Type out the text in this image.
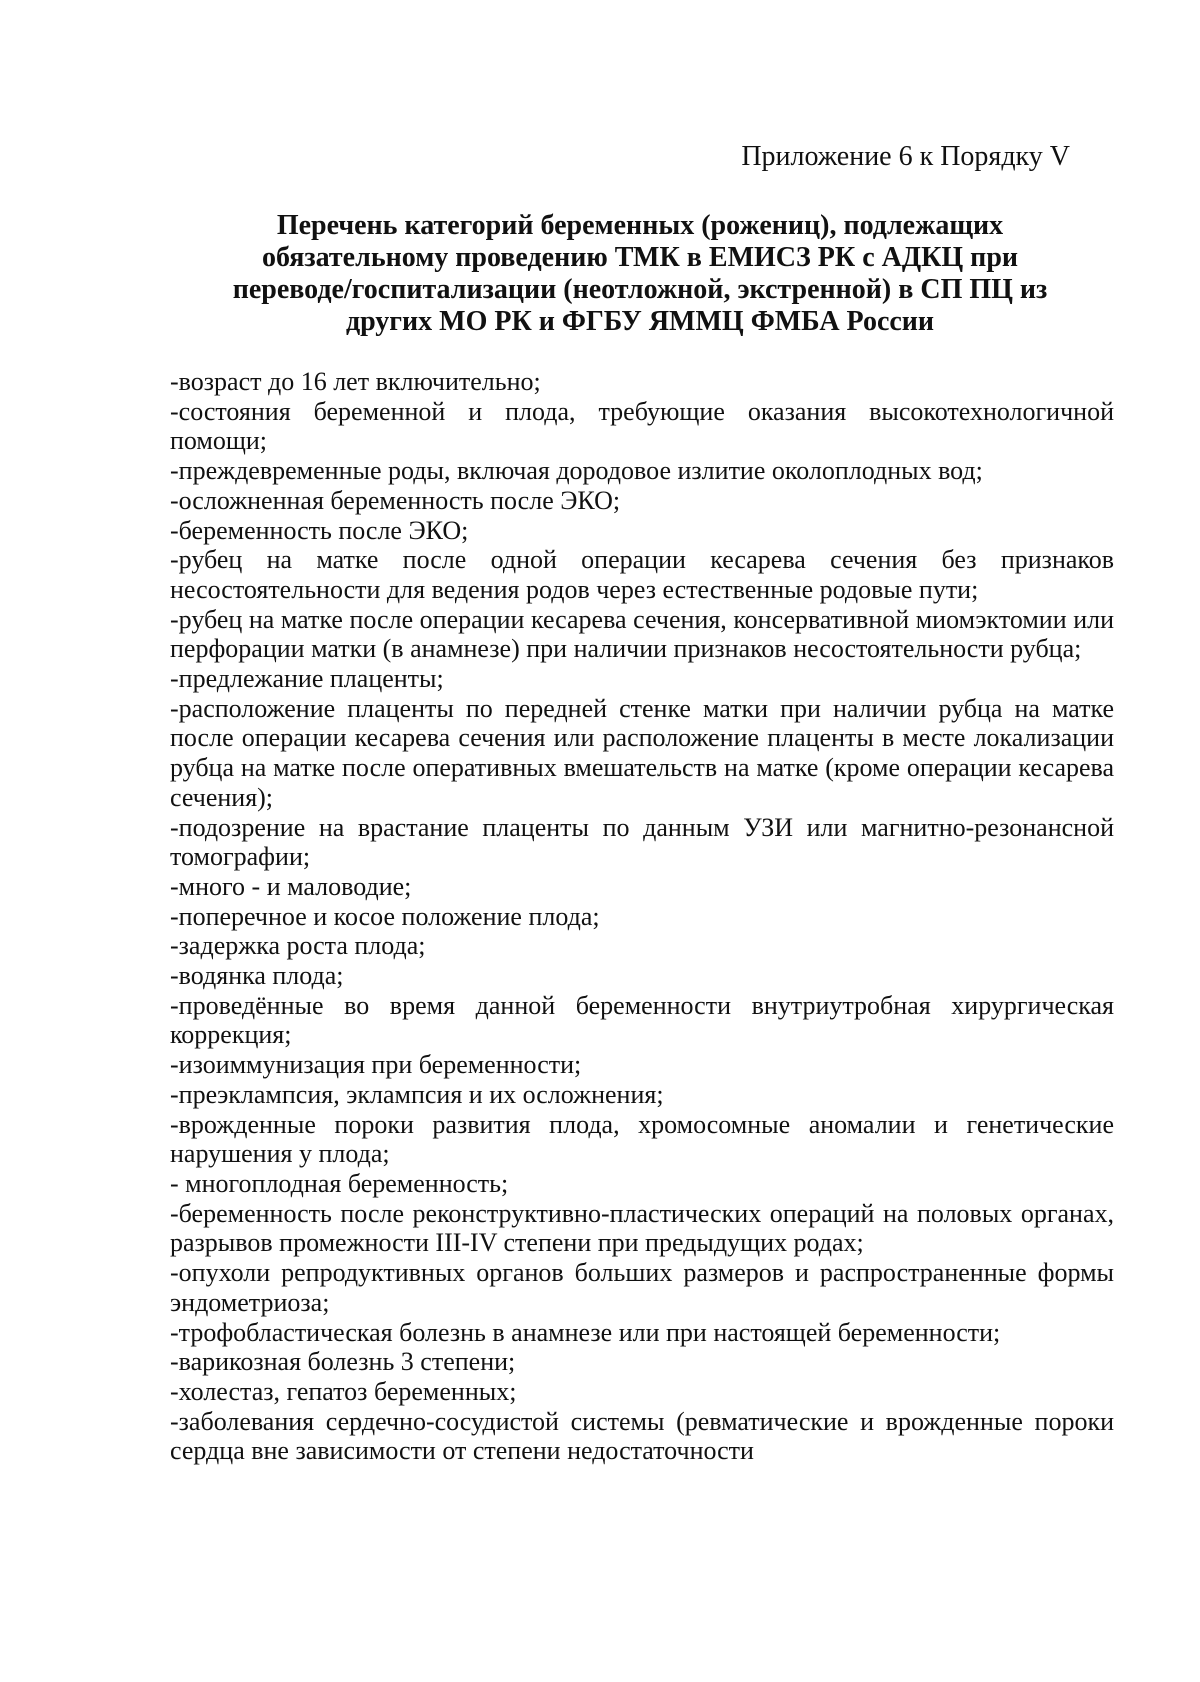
Приложение 6 к Порядку V
Перечень категорий беременных (рожениц), подлежащих
обязательному проведению ТМК в ЕМИСЗ РК с АДКЦ при
переводе/госпитализации (неотложной, экстренной) в СП ПЦ из
других МО РК и ФГБУ ЯММЦ ФМБА России
-возраст до 16 лет включительно;
-состояния беременной и плода, требующие оказания высокотехнологичной помощи;
-преждевременные роды, включая дородовое излитие околоплодных вод;
-осложненная беременность после ЭКО;
-беременность после ЭКО;
-рубец на матке после одной операции кесарева сечения без признаков несостоятельности для ведения родов через естественные родовые пути;
-рубец на матке после операции кесарева сечения, консервативной миомэктомии или перфорации матки (в анамнезе) при наличии признаков несостоятельности рубца;
-предлежание плаценты;
-расположение плаценты по передней стенке матки при наличии рубца на матке после операции кесарева сечения или расположение плаценты в месте локализации рубца на матке после оперативных вмешательств на матке (кроме операции кесарева сечения);
-подозрение на врастание плаценты по данным УЗИ или магнитно-резонансной томографии;
-много - и маловодие;
-поперечное и косое положение плода;
-задержка роста плода;
-водянка плода;
-проведённые во время данной беременности внутриутробная хирургическая коррекция;
-изоиммунизация при беременности;
-преэклампсия, эклампсия и их осложнения;
-врожденные пороки развития плода, хромосомные аномалии и генетические нарушения у плода;
- многоплодная беременность;
-беременность после реконструктивно-пластических операций на половых органах, разрывов промежности III-IV степени при предыдущих родах;
-опухоли репродуктивных органов больших размеров и распространенные формы эндометриоза;
-трофобластическая болезнь в анамнезе или при настоящей беременности;
-варикозная болезнь 3 степени;
-холестаз, гепатоз беременных;
-заболевания сердечно-сосудистой системы (ревматические и врожденные пороки сердца вне зависимости от степени недостаточности
